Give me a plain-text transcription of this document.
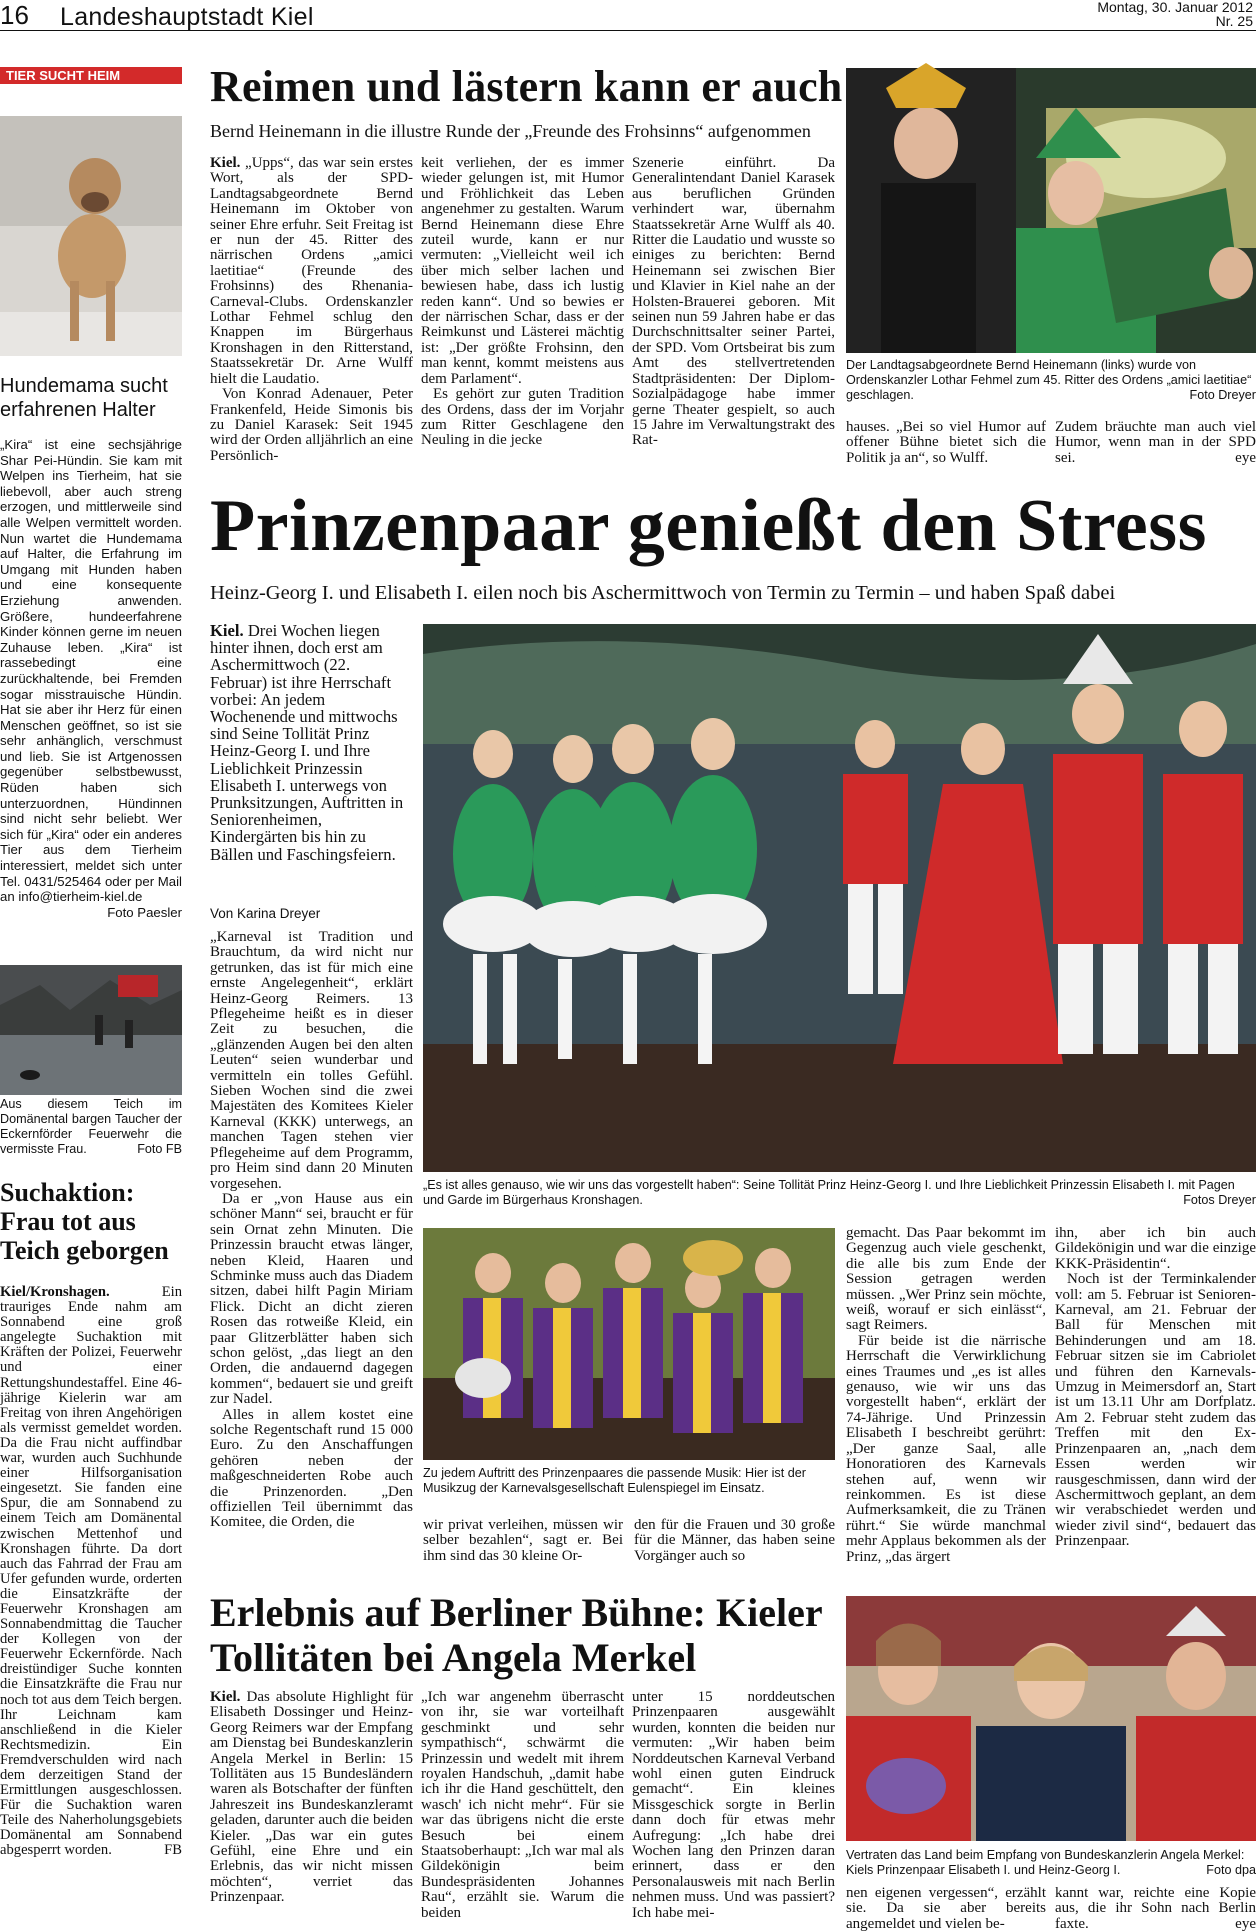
16 Landeshauptstadt Kiel	Montag, 30. Januar 2012
Nr. 25
TIER SUCHT HEIM
Hundemama sucht erfahrenen Halter
„Kira“ ist eine sechsjährige Shar Pei-Hündin. Sie kam mit Welpen ins Tierheim, hat sie liebevoll, aber auch streng erzogen, und mittlerweile sind alle Welpen vermittelt worden. Nun wartet die Hundemama auf Halter, die Erfahrung im Umgang mit Hunden haben und eine konsequente Erziehung anwenden. Größere, hundeerfahrene Kinder können gerne im neuen Zuhause leben. „Kira“ ist rassebedingt eine zurückhaltende, bei Fremden sogar misstrauische Hündin. Hat sie aber ihr Herz für einen Menschen geöffnet, so ist sie sehr anhänglich, verschmust und lieb. Sie ist Artgenossen gegenüber selbstbewusst, Rüden haben sich unterzuordnen, Hündinnen sind nicht sehr beliebt. Wer sich für „Kira“ oder ein anderes Tier aus dem Tierheim interessiert, meldet sich unter Tel. 0431/525464 oder per Mail an info@tierheim-kiel.de
Foto Paesler
Aus diesem Teich im Domänental bargen Taucher der Eckernförder Feuerwehr die vermisste Frau.	Foto FB
Suchaktion: Frau tot aus Teich geborgen

Kiel/Kronshagen.	Ein trauriges Ende nahm am Sonnabend eine groß angelegte Suchaktion mit Kräften der Polizei, Feuerwehr und einer Rettungshundestaffel. Eine 46-jährige Kielerin war am Freitag von ihren Angehörigen als vermisst gemeldet worden. Da die Frau nicht auffindbar war, wurden auch Suchhunde einer Hilfsorganisation eingesetzt. Sie fanden eine Spur, die am Sonnabend zu einem Teich am Domänental zwischen Mettenhof und Kronshagen führte. Da dort auch das Fahrrad der Frau am Ufer gefunden wurde, orderten die Einsatzkräfte der Feuerwehr Kronshagen am Sonnabendmittag die Taucher der Kollegen von der Feuerwehr Eckernförde. Nach dreistündiger Suche konnten die Einsatzkräfte die Frau nur noch tot aus dem Teich bergen. Ihr Leichnam kam anschließend in die Kieler Rechtsmedizin. Ein Fremdverschulden wird nach dem derzeitigen Stand der Ermittlungen ausgeschlossen. Für die Suchaktion waren Teile des Naherholungsgebiets Domänental am Sonnabend abgesperrt worden.	FB

Reimen und lästern kann er auch
Bernd Heinemann in die illustre Runde der „Freunde des Frohsinns“ aufgenommen

Kiel. „Upps“, das war sein erstes Wort, als der SPD-Landtagsabgeordnete Bernd Heinemann im Oktober von seiner Ehre erfuhr. Seit Freitag ist er nun der 45. Ritter des närrischen Ordens „amici laetitiae“ (Freunde des Frohsinns) des Rhenania-Carneval-Clubs. Ordenskanzler Lothar Fehmel schlug den Knappen im Bürgerhaus Kronshagen in den Ritterstand, Staatssekretär Dr. Arne Wulff hielt die Laudatio.

Von Konrad Adenauer, Peter Frankenfeld, Heide Simonis bis zu Daniel Karasek: Seit 1945 wird der Orden alljährlich an eine Persönlich-

keit verliehen, der es immer wieder gelungen ist, mit Humor und Fröhlichkeit das Leben angenehmer zu gestalten. Warum Bernd Heinemann diese Ehre zuteil wurde, kann er nur vermuten: „Vielleicht weil ich über mich selber lachen und bewiesen habe, dass ich lustig reden kann“. Und so bewies er der närrischen Schar, dass er der Reimkunst und Lästerei mächtig ist: „Der größte Frohsinn, den man kennt, kommt meistens aus dem Parlament“.

Es gehört zur guten Tradition des Ordens, dass der im Vorjahr zum Ritter Geschlagene den Neuling in die jecke

Szenerie einführt. Da Generalintendant Daniel Karasek aus beruflichen Gründen verhindert war, übernahm Staatssekretär Arne Wulff als 40. Ritter die Laudatio und wusste so einiges zu berichten: Bernd Heinemann sei zwischen Bier und Klavier in Kiel nahe an der Holsten-Brauerei geboren. Mit seinen nun 59 Jahren habe er das Durchschnittsalter seiner Partei, der SPD. Vom Ortsbeirat bis zum Amt des stellvertretenden Stadtpräsidenten: Der Diplom-Sozialpädagoge habe immer gerne Theater gespielt, so auch 15 Jahre im Verwaltungstrakt des Rat-

Der Landtagsabgeordnete Bernd Heinemann (links) wurde von Ordenskanzler Lothar Fehmel zum 45. Ritter des Ordens „amici laetitiae“ geschlagen.	Foto Dreyer

hauses. „Bei so viel Humor auf offener Bühne bietet sich die Politik ja an“, so Wulff.

Zudem bräuchte man auch viel Humor, wenn man in der SPD sei.	eye

Prinzenpaar genießt den Stress
Heinz-Georg I. und Elisabeth I. eilen noch bis Aschermittwoch von Termin zu Termin – und haben Spaß dabei
Kiel. Drei Wochen liegen hinter ihnen, doch erst am Aschermittwoch (22. Februar) ist ihre Herrschaft vorbei: An jedem Wochenende und mittwochs sind Seine Tollität Prinz Heinz-Georg I. und Ihre Lieblichkeit Prinzessin Elisabeth I. unterwegs von Prunksitzungen, Auftritten in Seniorenheimen, Kindergärten bis hin zu Bällen und Faschingsfeiern.
Von Karina Dreyer

„Karneval ist Tradition und Brauchtum, da wird nicht nur getrunken, das ist für mich eine ernste Angelegenheit“, erklärt Heinz-Georg Reimers. 13 Pflegeheime heißt es in dieser Zeit zu besuchen, die „glänzenden Augen bei den alten Leuten“ seien wunderbar und vermitteln ein tolles Gefühl. Sieben Wochen sind die zwei Majestäten des Komitees Kieler Karneval (KKK) unterwegs, an manchen Tagen stehen vier Pflegeheime auf dem Programm, pro Heim sind dann 20 Minuten vorgesehen.

Da er „von Hause aus ein schöner Mann“ sei, braucht er für sein Ornat zehn Minuten. Die Prinzessin braucht etwas länger, neben Kleid, Haaren und Schminke muss auch das Diadem sitzen, dabei hilft Pagin Miriam Flick. Dicht an dicht zieren Rosen das rotweiße Kleid, ein paar Glitzerblätter haben sich schon gelöst, „das liegt an den Orden, die andauernd dagegen kommen“, bedauert sie und greift zur Nadel.

Alles in allem kostet eine solche Regentschaft rund 15 000 Euro. Zu den Anschaffungen gehören neben der maßgeschneiderten Robe auch die Prinzenorden. „Den offiziellen Teil übernimmt das Komitee, die Orden, die

„Es ist alles genauso, wie wir uns das vorgestellt haben“: Seine Tollität Prinz Heinz-Georg I. und Ihre Lieblichkeit Prinzessin Elisabeth I. mit Pagen und Garde im Bürgerhaus Kronshagen.	Fotos Dreyer
Zu jedem Auftritt des Prinzenpaares die passende Musik: Hier ist der Musikzug der Karnevalsgesellschaft Eulenspiegel im Einsatz.

wir privat verleihen, müssen wir selber bezahlen“, sagt er. Bei ihm sind das 30 kleine Or-

den für die Frauen und 30 große für die Männer, das haben seine Vorgänger auch so

gemacht. Das Paar bekommt im Gegenzug auch viele geschenkt, die alle bis zum Ende der Session getragen werden müssen. „Wer Prinz sein möchte, weiß, worauf er sich einlässt“, sagt Reimers.

Für beide ist die närrische Herrschaft die Verwirklichung eines Traumes und „es ist alles genauso, wie wir uns das vorgestellt haben“, erklärt der 74-Jährige. Und Prinzessin Elisabeth I beschreibt gerührt: „Der ganze Saal, alle Honoratioren des Karnevals stehen auf, wenn wir reinkommen. Es ist diese Aufmerksamkeit, die zu Tränen rührt.“ Sie würde manchmal mehr Applaus bekommen als der Prinz, „das ärgert

ihn, aber ich bin auch Gildekönigin und war die einzige KKK-Präsidentin“.

Noch ist der Terminkalender voll: am 5. Februar ist Senioren-Karneval, am 21. Februar der Ball für Menschen mit Behinderungen und am 18. Februar sitzen sie im Cabriolet und führen den Karnevals-Umzug in Meimersdorf an, Start ist um 13.11 Uhr am Dorfplatz. Am 2. Februar steht zudem das Treffen mit den Ex-Prinzenpaaren an, „nach dem Essen werden wir rausgeschmissen, dann wird der Aschermittwoch geplant, an dem wir verabschiedet werden und wieder zivil sind“, bedauert das Prinzenpaar.

Erlebnis auf Berliner Bühne: Kieler Tollitäten bei Angela Merkel

Kiel. Das absolute Highlight für Elisabeth Dossinger und Heinz-Georg Reimers war der Empfang am Dienstag bei Bundeskanzlerin Angela Merkel in Berlin: 15 Tollitäten aus 15 Bundesländern waren als Botschafter der fünften Jahreszeit ins Bundeskanzleramt geladen, darunter auch die beiden Kieler. „Das war ein gutes Gefühl, eine Ehre und ein Erlebnis, das wir nicht missen möchten“, verriet das Prinzenpaar.

„Ich war angenehm überrascht von ihr, sie war vorteilhaft geschminkt und sehr sympathisch“, schwärmt die Prinzessin und wedelt mit ihrem royalen Handschuh, „damit habe ich ihr die Hand geschüttelt, den wasch' ich nicht mehr“. Für sie war das übrigens nicht die erste Besuch bei einem Staatsoberhaupt: „Ich war mal als Gildekönigin beim Bundespräsidenten Johannes Rau“, erzählt sie. Warum die beiden

unter 15 norddeutschen Prinzenpaaren ausgewählt wurden, konnten die beiden nur vermuten: „Wir haben beim Norddeutschen Karneval Verband wohl einen guten Eindruck gemacht“. Ein kleines Missgeschick sorgte in Berlin dann doch für etwas mehr Aufregung: „Ich habe drei Wochen lang den Prinzen daran erinnert, dass er den Personalausweis mit nach Berlin nehmen muss. Und was passiert? Ich habe mei-

Vertraten das Land beim Empfang von Bundeskanzlerin Angela Merkel: Kiels Prinzenpaar Elisabeth I. und Heinz-Georg I.	Foto dpa

nen eigenen vergessen“, erzählt sie. Da sie aber bereits angemeldet und vielen be-

kannt war, reichte eine Kopie aus, die ihr Sohn nach Berlin faxte.	eye
